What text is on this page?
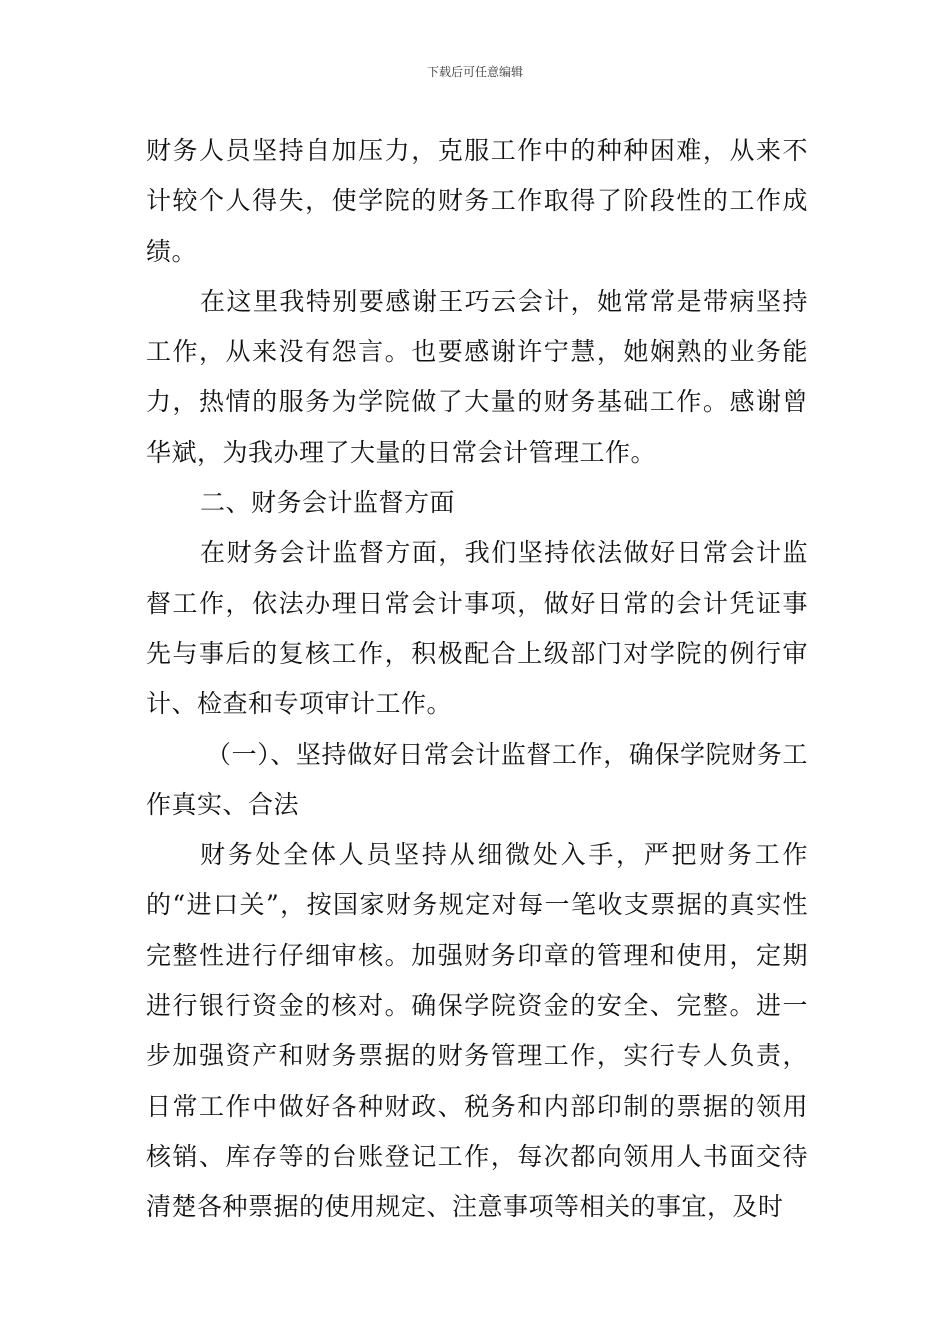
下载后可任意编辑

财务人员坚持自加压力，克服工作中的种种困难，从来不计较个人得失，使学院的财务工作取得了阶段性的工作成绩。

在这里我特别要感谢王巧云会计，她常常是带病坚持工作，从来没有怨言。也要感谢许宁慧，她娴熟的业务能力，热情的服务为学院做了大量的财务基础工作。感谢曾华斌，为我办理了大量的日常会计管理工作。

二、财务会计监督方面

在财务会计监督方面，我们坚持依法做好日常会计监督工作，依法办理日常会计事项，做好日常的会计凭证事先与事后的复核工作，积极配合上级部门对学院的例行审计、检查和专项审计工作。

（一）、坚持做好日常会计监督工作，确保学院财务工作真实、合法

财务处全体人员坚持从细微处入手，严把财务工作的“进口关”，按国家财务规定对每一笔收支票据的真实性完整性进行仔细审核。加强财务印章的管理和使用，定期进行银行资金的核对。确保学院资金的安全、完整。进一步加强资产和财务票据的财务管理工作，实行专人负责，日常工作中做好各种财政、税务和内部印制的票据的领用核销、库存等的台账登记工作，每次都向领用人书面交待清楚各种票据的使用规定、注意事项等相关的事宜，及时
